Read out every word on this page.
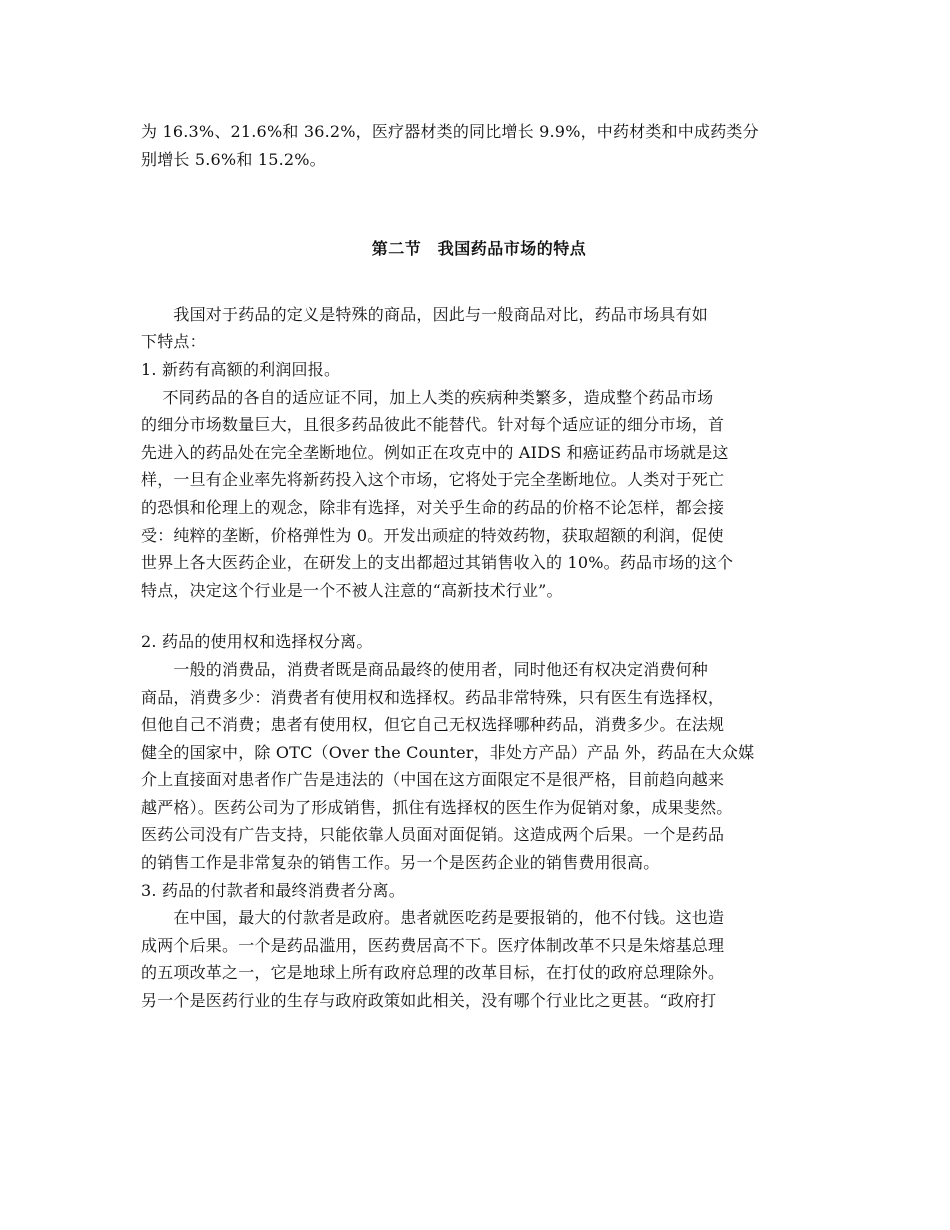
为 16.3%、21.6%和 36.2%，医疗器材类的同比增长 9.9%，中药材类和中成药类分

别增长 5.6%和 15.2%。

第二节　我国药品市场的特点

　　我国对于药品的定义是特殊的商品，因此与一般商品对比，药品市场具有如

下特点：

1. 新药有高额的利润回报。

　 不同药品的各自的适应证不同，加上人类的疾病种类繁多，造成整个药品市场

的细分市场数量巨大，且很多药品彼此不能替代。针对每个适应证的细分市场，首

先进入的药品处在完全垄断地位。例如正在攻克中的 AIDS 和癌证药品市场就是这

样，一旦有企业率先将新药投入这个市场，它将处于完全垄断地位。人类对于死亡

的恐惧和伦理上的观念，除非有选择，对关乎生命的药品的价格不论怎样，都会接

受：纯粹的垄断，价格弹性为 0。开发出顽症的特效药物，获取超额的利润，促使

世界上各大医药企业，在研发上的支出都超过其销售收入的 10%。药品市场的这个

特点，决定这个行业是一个不被人注意的“高新技术行业”。

2. 药品的使用权和选择权分离。

　　一般的消费品，消费者既是商品最终的使用者，同时他还有权决定消费何种

商品，消费多少：消费者有使用权和选择权。药品非常特殊，只有医生有选择权，

但他自己不消费；患者有使用权，但它自己无权选择哪种药品，消费多少。在法规

健全的国家中，除 OTC（Over the Counter，非处方产品）产品 外，药品在大众媒

介上直接面对患者作广告是违法的（中国在这方面限定不是很严格，目前趋向越来

越严格）。医药公司为了形成销售，抓住有选择权的医生作为促销对象，成果斐然。

医药公司没有广告支持，只能依靠人员面对面促销。这造成两个后果。一个是药品

的销售工作是非常复杂的销售工作。另一个是医药企业的销售费用很高。

3. 药品的付款者和最终消费者分离。

　　在中国，最大的付款者是政府。患者就医吃药是要报销的，他不付钱。这也造

成两个后果。一个是药品滥用，医药费居高不下。医疗体制改革不只是朱熔基总理

的五项改革之一，它是地球上所有政府总理的改革目标，在打仗的政府总理除外。

另一个是医药行业的生存与政府政策如此相关，没有哪个行业比之更甚。“政府打
